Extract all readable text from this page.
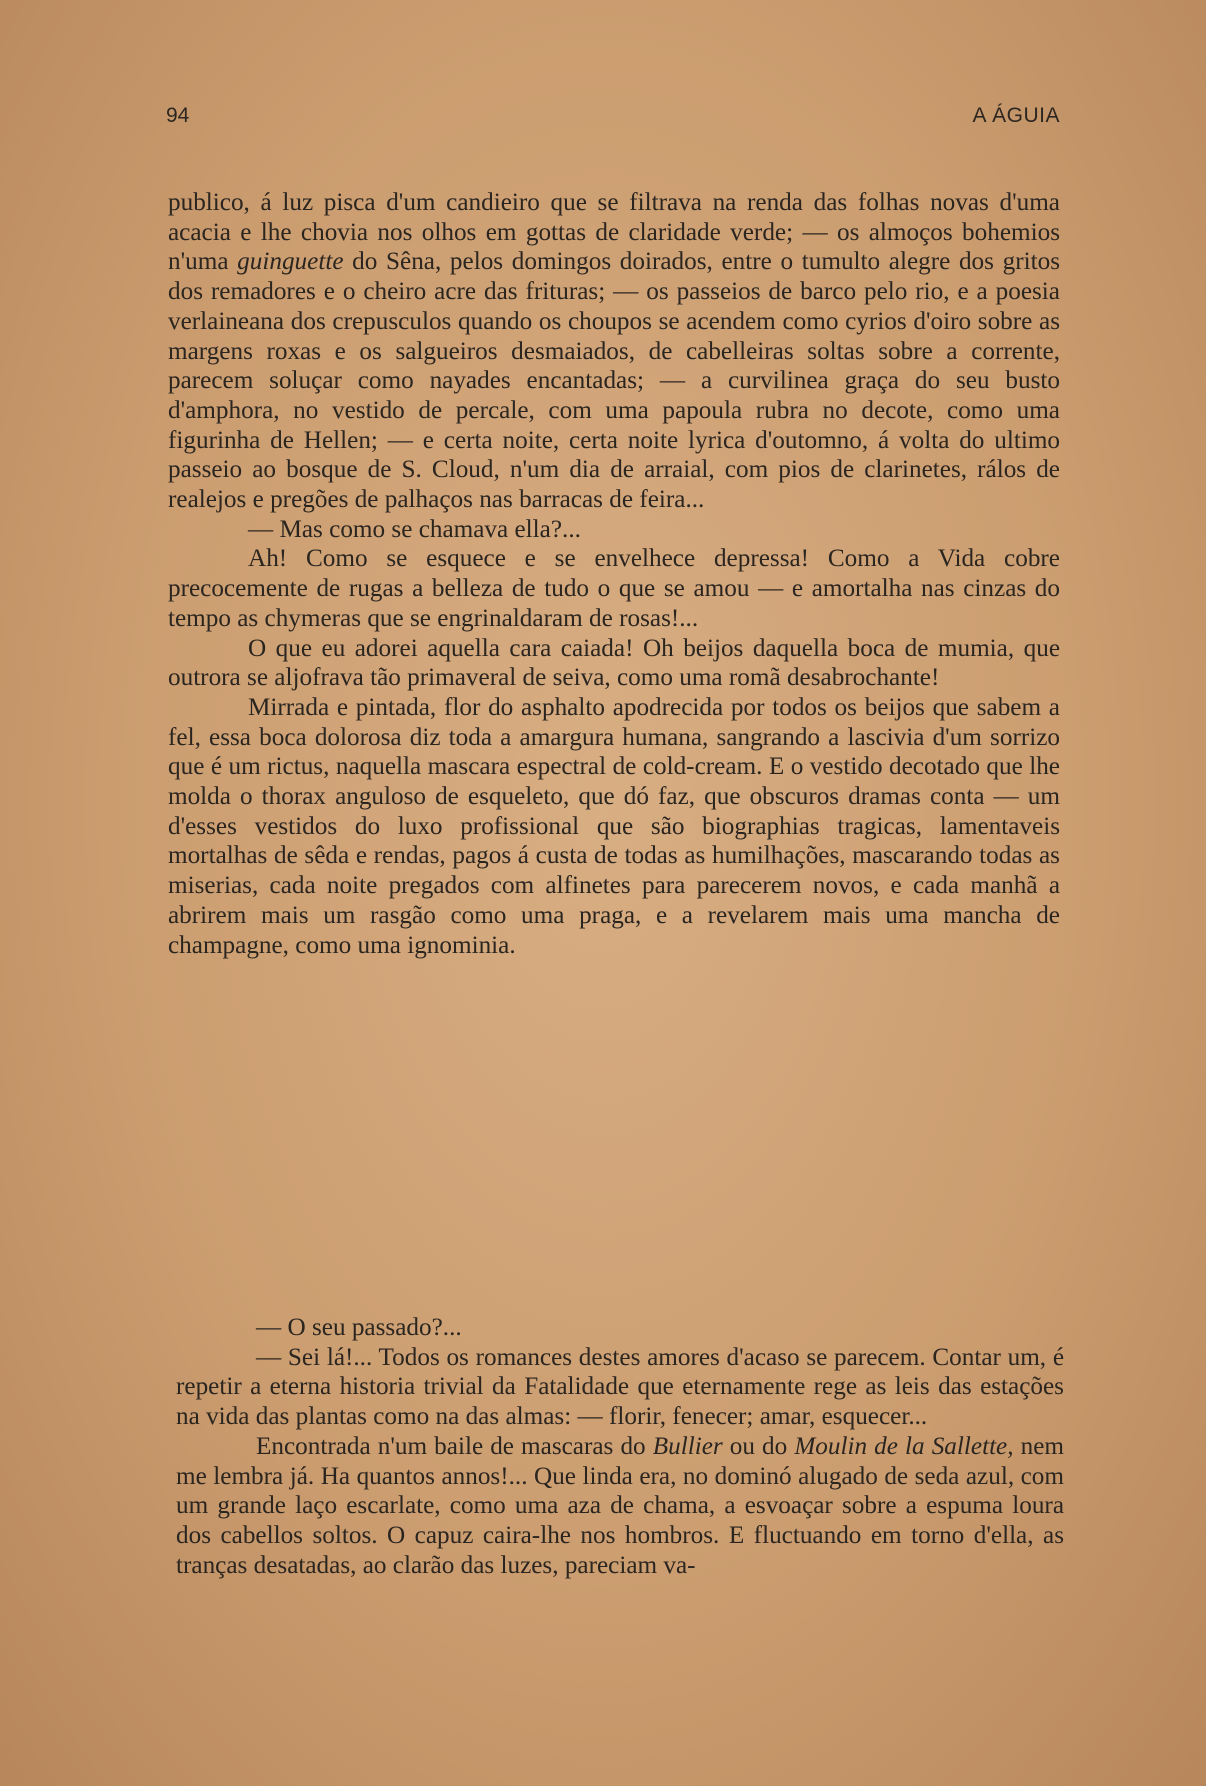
94	A ÁGUIA

publico, á luz pisca d'um candieiro que se filtrava na renda das folhas novas d'uma acacia e lhe chovia nos olhos em gottas de claridade verde; — os almoços bohemios n'uma guinguette do Sêna, pelos domingos doirados, entre o tumulto alegre dos gritos dos remadores e o cheiro acre das frituras; — os passeios de barco pelo rio, e a poesia verlaineana dos crepusculos quando os choupos se acendem como cyrios d'oiro sobre as margens roxas e os salgueiros desmaiados, de cabelleiras soltas sobre a corrente, parecem soluçar como nayades encantadas; — a curvilinea graça do seu busto d'amphora, no vestido de percale, com uma papoula rubra no decote, como uma figurinha de Hellen; — e certa noite, certa noite lyrica d'outomno, á volta do ultimo passeio ao bosque de S. Cloud, n'um dia de arraial, com pios de clarinetes, rálos de realejos e pregões de palhaços nas barracas de feira...

— Mas como se chamava ella?...

Ah! Como se esquece e se envelhece depressa! Como a Vida cobre precocemente de rugas a belleza de tudo o que se amou — e amortalha nas cinzas do tempo as chymeras que se engrinaldaram de rosas!...

O que eu adorei aquella cara caiada! Oh beijos daquella boca de mumia, que outrora se aljofrava tão primaveral de seiva, como uma romã desabrochante!

Mirrada e pintada, flor do asphalto apodrecida por todos os beijos que sabem a fel, essa boca dolorosa diz toda a amargura humana, sangrando a lascivia d'um sorrizo que é um rictus, naquella mascara espectral de cold-cream. E o vestido decotado que lhe molda o thorax anguloso de esqueleto, que dó faz, que obscuros dramas conta — um d'esses vestidos do luxo profissional que são biographias tragicas, lamentaveis mortalhas de sêda e rendas, pagos á custa de todas as humilhações, mascarando todas as miserias, cada noite pregados com alfinetes para parecerem novos, e cada manhã a abrirem mais um rasgão como uma praga, e a revelarem mais uma mancha de champagne, como uma ignominia.

— O seu passado?...

— Sei lá!... Todos os romances destes amores d'acaso se parecem. Contar um, é repetir a eterna historia trivial da Fatalidade que eternamente rege as leis das estações na vida das plantas como na das almas: — florir, fenecer; amar, esquecer...

Encontrada n'um baile de mascaras do Bullier ou do Moulin de la Sallette, nem me lembra já. Ha quantos annos!... Que linda era, no dominó alugado de seda azul, com um grande laço escarlate, como uma aza de chama, a esvoaçar sobre a espuma loura dos cabellos soltos. O capuz caira-lhe nos hombros. E fluctuando em torno d'ella, as tranças desatadas, ao clarão das luzes, pareciam va-
